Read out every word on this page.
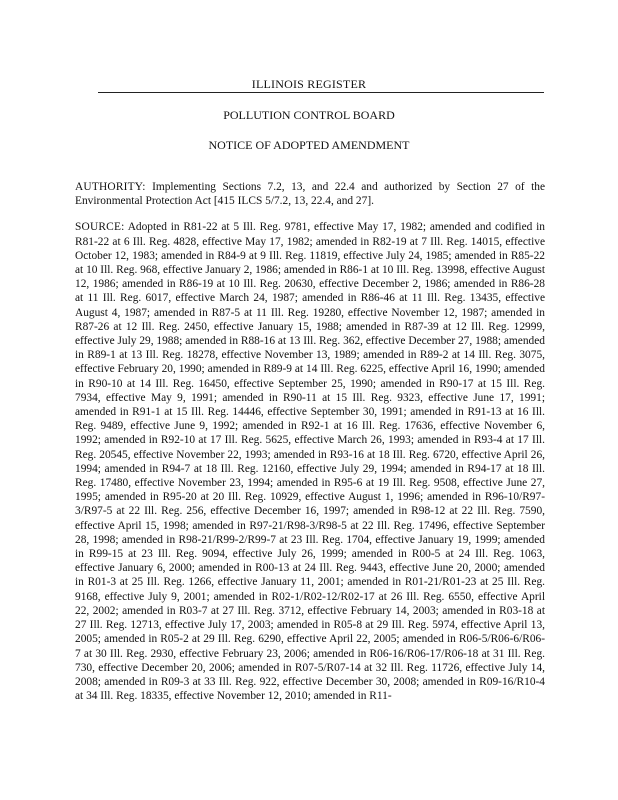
ILLINOIS REGISTER
POLLUTION CONTROL BOARD
NOTICE OF ADOPTED AMENDMENT

AUTHORITY: Implementing Sections 7.2, 13, and 22.4 and authorized by Section 27 of the Environmental Protection Act [415 ILCS 5/7.2, 13, 22.4, and 27].

SOURCE: Adopted in R81-22 at 5 Ill. Reg. 9781, effective May 17, 1982; amended and codified in R81-22 at 6 Ill. Reg. 4828, effective May 17, 1982; amended in R82-19 at 7 Ill. Reg. 14015, effective October 12, 1983; amended in R84-9 at 9 Ill. Reg. 11819, effective July 24, 1985; amended in R85-22 at 10 Ill. Reg. 968, effective January 2, 1986; amended in R86-1 at 10 Ill. Reg. 13998, effective August 12, 1986; amended in R86-19 at 10 Ill. Reg. 20630, effective December 2, 1986; amended in R86-28 at 11 Ill. Reg. 6017, effective March 24, 1987; amended in R86-46 at 11 Ill. Reg. 13435, effective August 4, 1987; amended in R87-5 at 11 Ill. Reg. 19280, effective November 12, 1987; amended in R87-26 at 12 Ill. Reg. 2450, effective January 15, 1988; amended in R87-39 at 12 Ill. Reg. 12999, effective July 29, 1988; amended in R88-16 at 13 Ill. Reg. 362, effective December 27, 1988; amended in R89-1 at 13 Ill. Reg. 18278, effective November 13, 1989; amended in R89-2 at 14 Ill. Reg. 3075, effective February 20, 1990; amended in R89-9 at 14 Ill. Reg. 6225, effective April 16, 1990; amended in R90-10 at 14 Ill. Reg. 16450, effective September 25, 1990; amended in R90-17 at 15 Ill. Reg. 7934, effective May 9, 1991; amended in R90-11 at 15 Ill. Reg. 9323, effective June 17, 1991; amended in R91-1 at 15 Ill. Reg. 14446, effective September 30, 1991; amended in R91-13 at 16 Ill. Reg. 9489, effective June 9, 1992; amended in R92-1 at 16 Ill. Reg. 17636, effective November 6, 1992; amended in R92-10 at 17 Ill. Reg. 5625, effective March 26, 1993; amended in R93-4 at 17 Ill. Reg. 20545, effective November 22, 1993; amended in R93-16 at 18 Ill. Reg. 6720, effective April 26, 1994; amended in R94-7 at 18 Ill. Reg. 12160, effective July 29, 1994; amended in R94-17 at 18 Ill. Reg. 17480, effective November 23, 1994; amended in R95-6 at 19 Ill. Reg. 9508, effective June 27, 1995; amended in R95-20 at 20 Ill. Reg. 10929, effective August 1, 1996; amended in R96-10/R97-3/R97-5 at 22 Ill. Reg. 256, effective December 16, 1997; amended in R98-12 at 22 Ill. Reg. 7590, effective April 15, 1998; amended in R97-21/R98-3/R98-5 at 22 Ill. Reg. 17496, effective September 28, 1998; amended in R98-21/R99-2/R99-7 at 23 Ill. Reg. 1704, effective January 19, 1999; amended in R99-15 at 23 Ill. Reg. 9094, effective July 26, 1999; amended in R00-5 at 24 Ill. Reg. 1063, effective January 6, 2000; amended in R00-13 at 24 Ill. Reg. 9443, effective June 20, 2000; amended in R01-3 at 25 Ill. Reg. 1266, effective January 11, 2001; amended in R01-21/R01-23 at 25 Ill. Reg. 9168, effective July 9, 2001; amended in R02-1/R02-12/R02-17 at 26 Ill. Reg. 6550, effective April 22, 2002; amended in R03-7 at 27 Ill. Reg. 3712, effective February 14, 2003; amended in R03-18 at 27 Ill. Reg. 12713, effective July 17, 2003; amended in R05-8 at 29 Ill. Reg. 5974, effective April 13, 2005; amended in R05-2 at 29 Ill. Reg. 6290, effective April 22, 2005; amended in R06-5/R06-6/R06-7 at 30 Ill. Reg. 2930, effective February 23, 2006; amended in R06-16/R06-17/R06-18 at 31 Ill. Reg. 730, effective December 20, 2006; amended in R07-5/R07-14 at 32 Ill. Reg. 11726, effective July 14, 2008; amended in R09-3 at 33 Ill. Reg. 922, effective December 30, 2008; amended in R09-16/R10-4 at 34 Ill. Reg. 18335, effective November 12, 2010; amended in R11-
